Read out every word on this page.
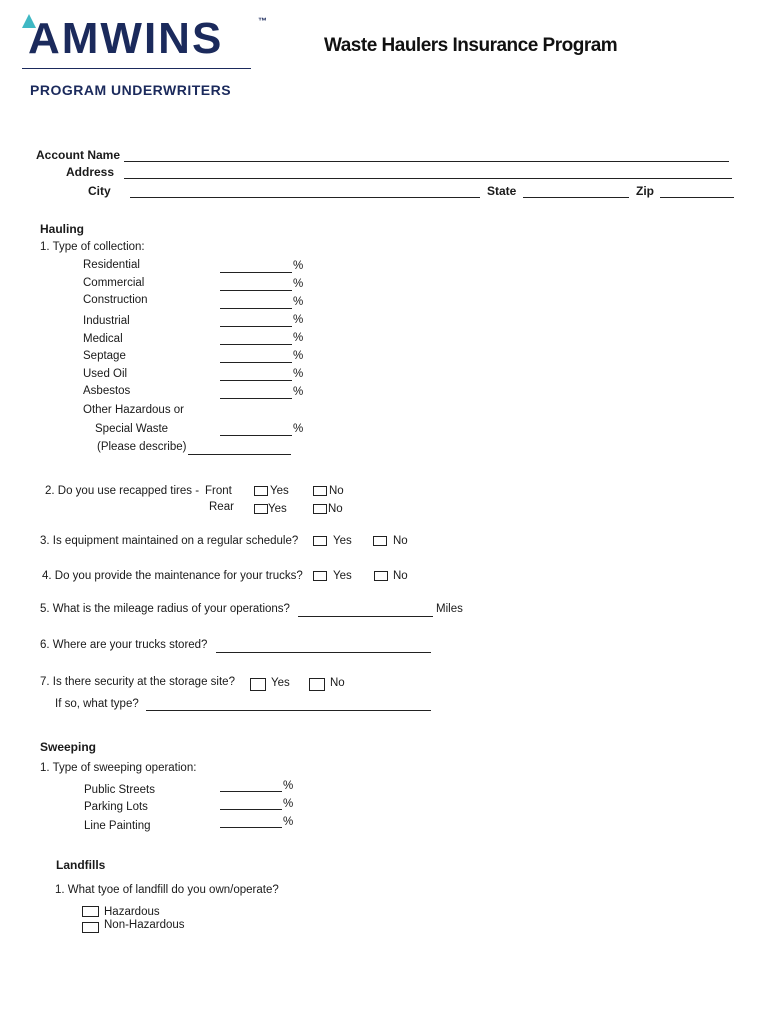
AMWINS	™
PROGRAM UNDERWRITERS
Waste Haulers Insurance Program
Account Name
Address
City	State	Zip
Hauling
1. Type of collection:
Residential	%
Commercial	%
Construction	%
Industrial	%
Medical	%
Septage	%
Used Oil	%
Asbestos	%
Other Hazardous or
Special Waste	%
(Please describe)
2. Do you use recapped tires - Front	Yes	No
Rear	Yes	No
3. Is equipment maintained on a regular schedule?	Yes	No
4. Do you provide the maintenance for your trucks?	Yes	No
5. What is the mileage radius of your operations?	Miles
6. Where are your trucks stored?
7. Is there security at the storage site?	Yes	No
If so, what type?
Sweeping
1. Type of sweeping operation:
Public Streets	%
Parking Lots	%
Line Painting	%
Landfills
1. What tyoe of landfill do you own/operate?
Hazardous
Non-Hazardous
